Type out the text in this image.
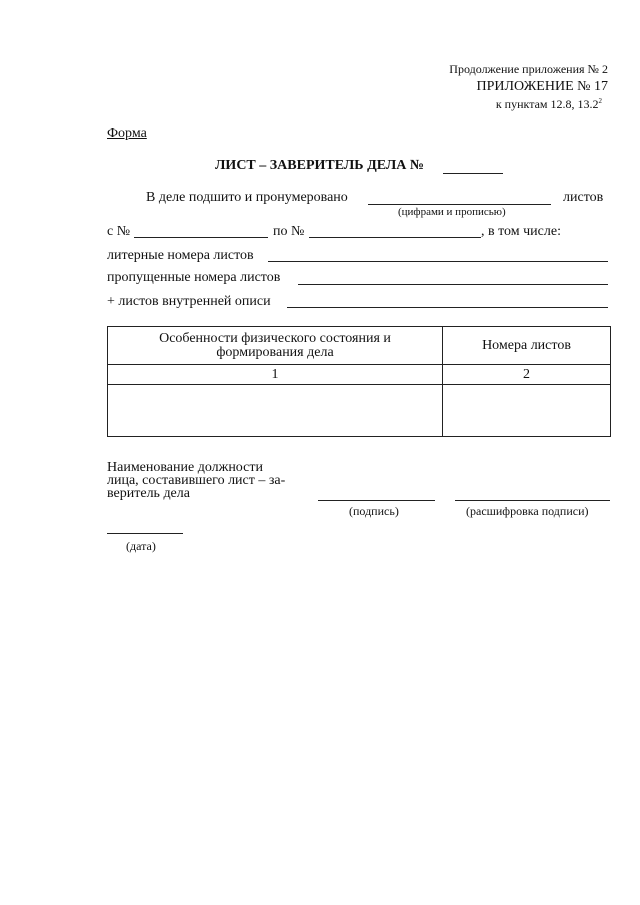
Продолжение приложения № 2
ПРИЛОЖЕНИЕ № 17
к пунктам 12.8, 13.2$^2$
Форма
ЛИСТ – ЗАВЕРИТЕЛЬ ДЕЛА №
В деле подшито и пронумеровано	листов
(цифрами и прописью)
с №	по №	, в том числе:
литерные номера листов
пропущенные номера листов
+ листов внутренней описи
Особенности физического состояния и формирования дела	Номера листов
1	2

Наименование должности
лица, составившего лист – за-
веритель дела
(подпись)	(расшифровка подписи)
(дата)
